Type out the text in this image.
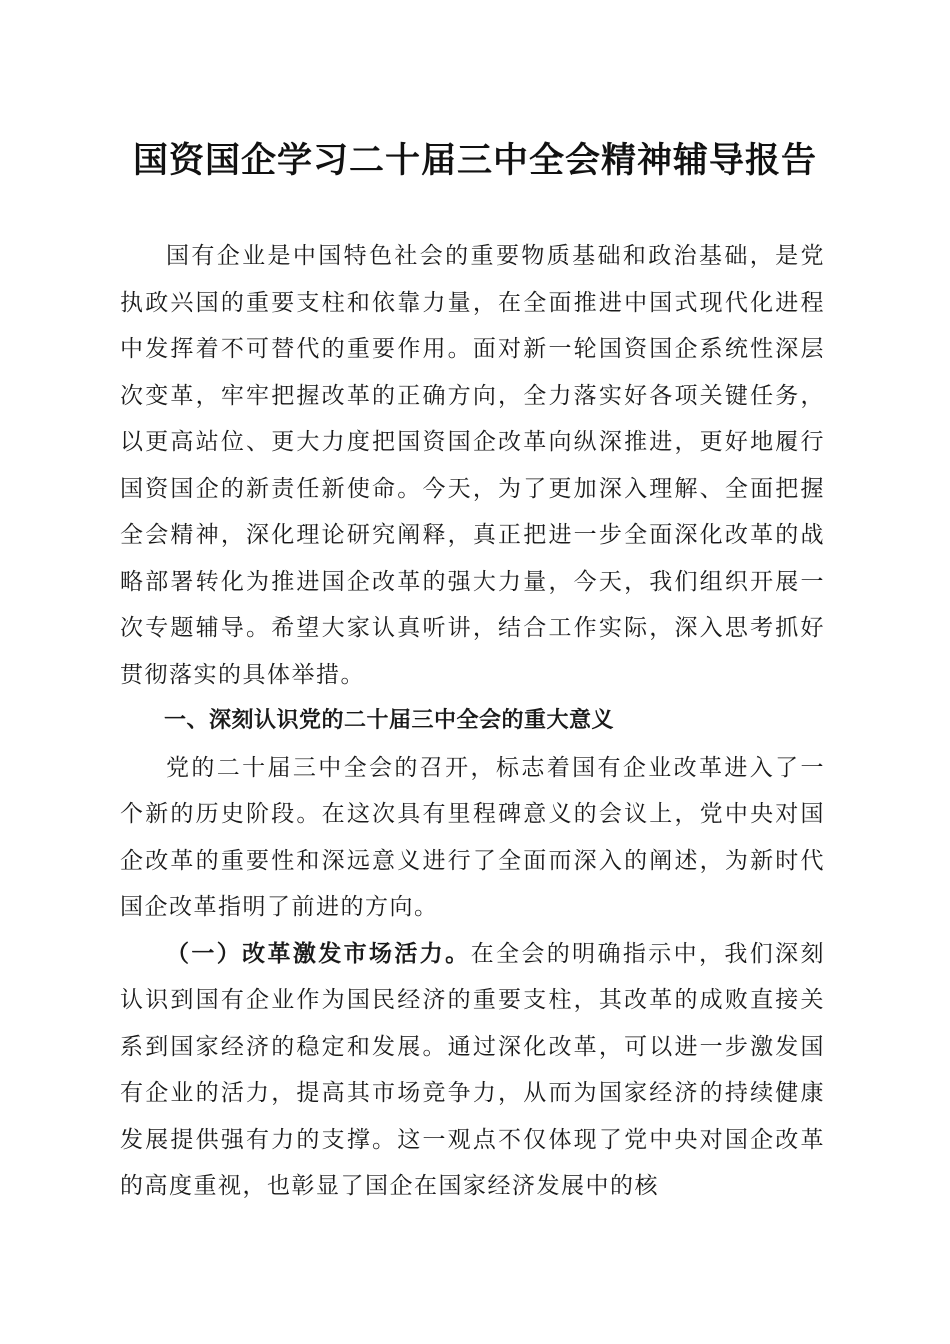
国资国企学习二十届三中全会精神辅导报告

国有企业是中国特色社会的重要物质基础和政治基础，是党执政兴国的重要支柱和依靠力量，在全面推进中国式现代化进程中发挥着不可替代的重要作用。面对新一轮国资国企系统性深层次变革，牢牢把握改革的正确方向，全力落实好各项关键任务，以更高站位、更大力度把国资国企改革向纵深推进，更好地履行国资国企的新责任新使命。今天，为了更加深入理解、全面把握全会精神，深化理论研究阐释，真正把进一步全面深化改革的战略部署转化为推进国企改革的强大力量，今天，我们组织开展一次专题辅导。希望大家认真听讲，结合工作实际，深入思考抓好贯彻落实的具体举措。

一、深刻认识党的二十届三中全会的重大意义

党的二十届三中全会的召开，标志着国有企业改革进入了一个新的历史阶段。在这次具有里程碑意义的会议上，党中央对国企改革的重要性和深远意义进行了全面而深入的阐述，为新时代国企改革指明了前进的方向。

（一）改革激发市场活力。在全会的明确指示中，我们深刻认识到国有企业作为国民经济的重要支柱，其改革的成败直接关系到国家经济的稳定和发展。通过深化改革，可以进一步激发国有企业的活力，提高其市场竞争力，从而为国家经济的持续健康发展提供强有力的支撑。这一观点不仅体现了党中央对国企改革的高度重视，也彰显了国企在国家经济发展中的核
